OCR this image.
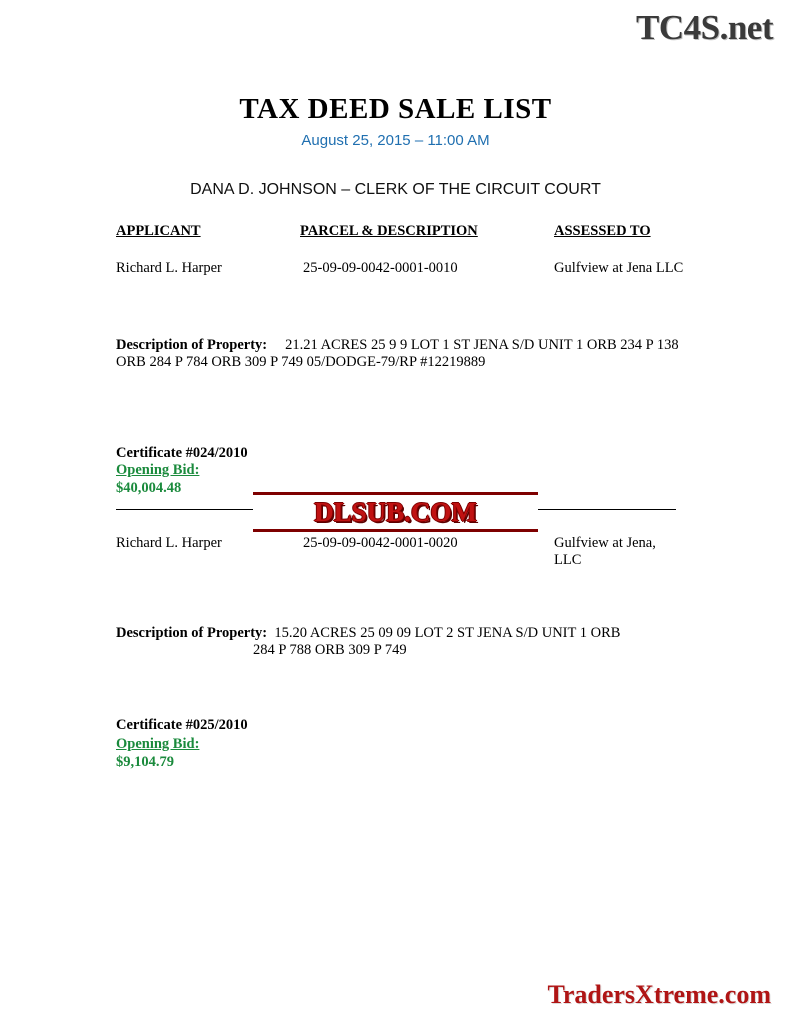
TC4S.net
TAX DEED SALE LIST
August 25, 2015 – 11:00 AM
DANA D. JOHNSON – CLERK OF THE CIRCUIT COURT
APPLICANT	PARCEL & DESCRIPTION	ASSESSED TO
Richard L. Harper	25-09-09-0042-0001-0010	Gulfview at Jena LLC
Description of Property: 21.21 ACRES 25 9 9 LOT 1 ST JENA S/D UNIT 1 ORB 234 P 138 ORB 284 P 784 ORB 309 P 749 05/DODGE-79/RP #12219889
Certificate #024/2010
Opening Bid:
$40,004.48
DLSUB.COM
Richard L. Harper	25-09-09-0042-0001-0020	Gulfview at Jena, LLC
Description of Property: 15.20 ACRES 25 09 09 LOT 2 ST JENA S/D UNIT 1 ORB
284 P 788 ORB 309 P 749
Certificate #025/2010
Opening Bid:
$9,104.79
TradersXtreme.com
